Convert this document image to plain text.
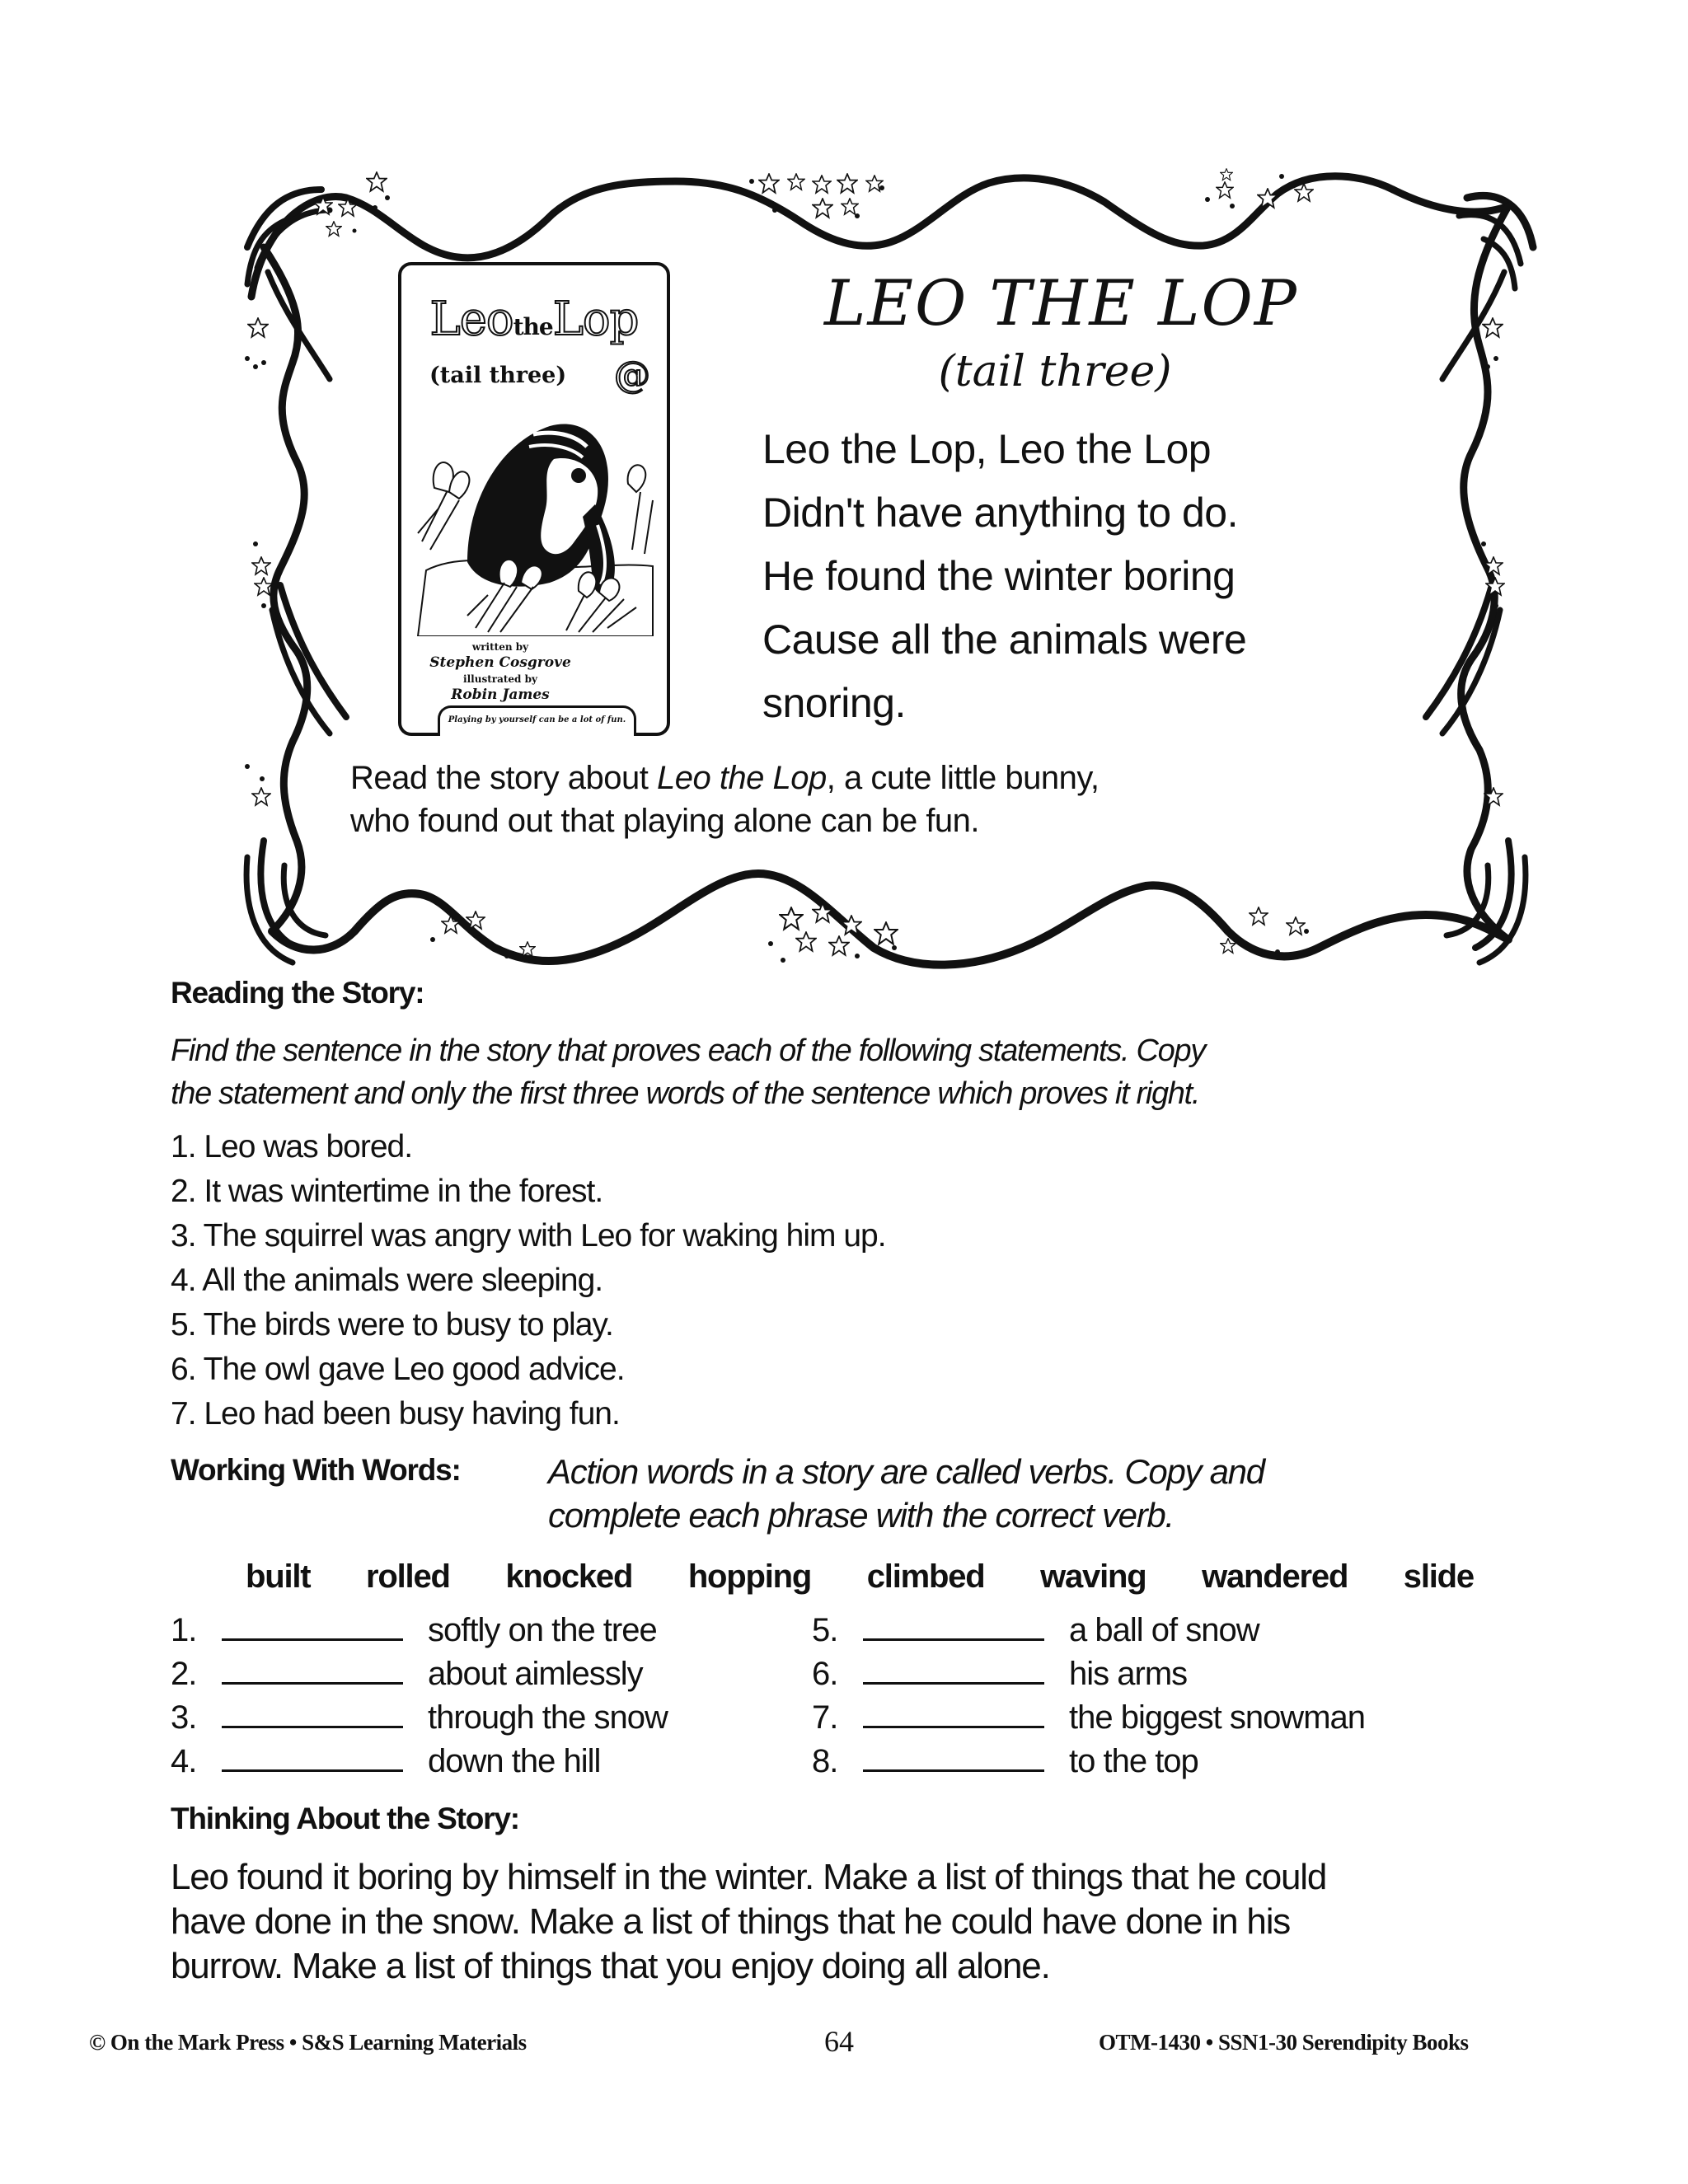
LeotheLop
(tail three) @
written by
Stephen Cosgrove
illustrated by
Robin James
Playing by yourself can be a lot of fun.
LEO THE LOP
(tail three)
Leo the Lop, Leo the Lop
Didn't have anything to do.
He found the winter boring
Cause all the animals were
snoring.
Read the story about Leo the Lop, a cute little bunny,
who found out that playing alone can be fun.
Reading the Story:
Find the sentence in the story that proves each of the following statements. Copy
the statement and only the first three words of the sentence which proves it right.
1. Leo was bored.
2. It was wintertime in the forest.
3. The squirrel was angry with Leo for waking him up.
4. All the animals were sleeping.
5. The birds were to busy to play.
6. The owl gave Leo good advice.
7. Leo had been busy having fun.
Working With Words:	Action words in a story are called verbs. Copy and
complete each phrase with the correct verb.
built rolled knocked hopping climbed waving wandered slide
1.	softly on the tree
2.	about aimlessly
3.	through the snow
4.	down the hill
5.	a ball of snow
6.	his arms
7.	the biggest snowman
8.	to the top
Thinking About the Story:
Leo found it boring by himself in the winter. Make a list of things that he could
have done in the snow. Make a list of things that he could have done in his
burrow. Make a list of things that you enjoy doing all alone.
© On the Mark Press • S&S Learning Materials	64	OTM-1430 • SSN1-30 Serendipity Books
